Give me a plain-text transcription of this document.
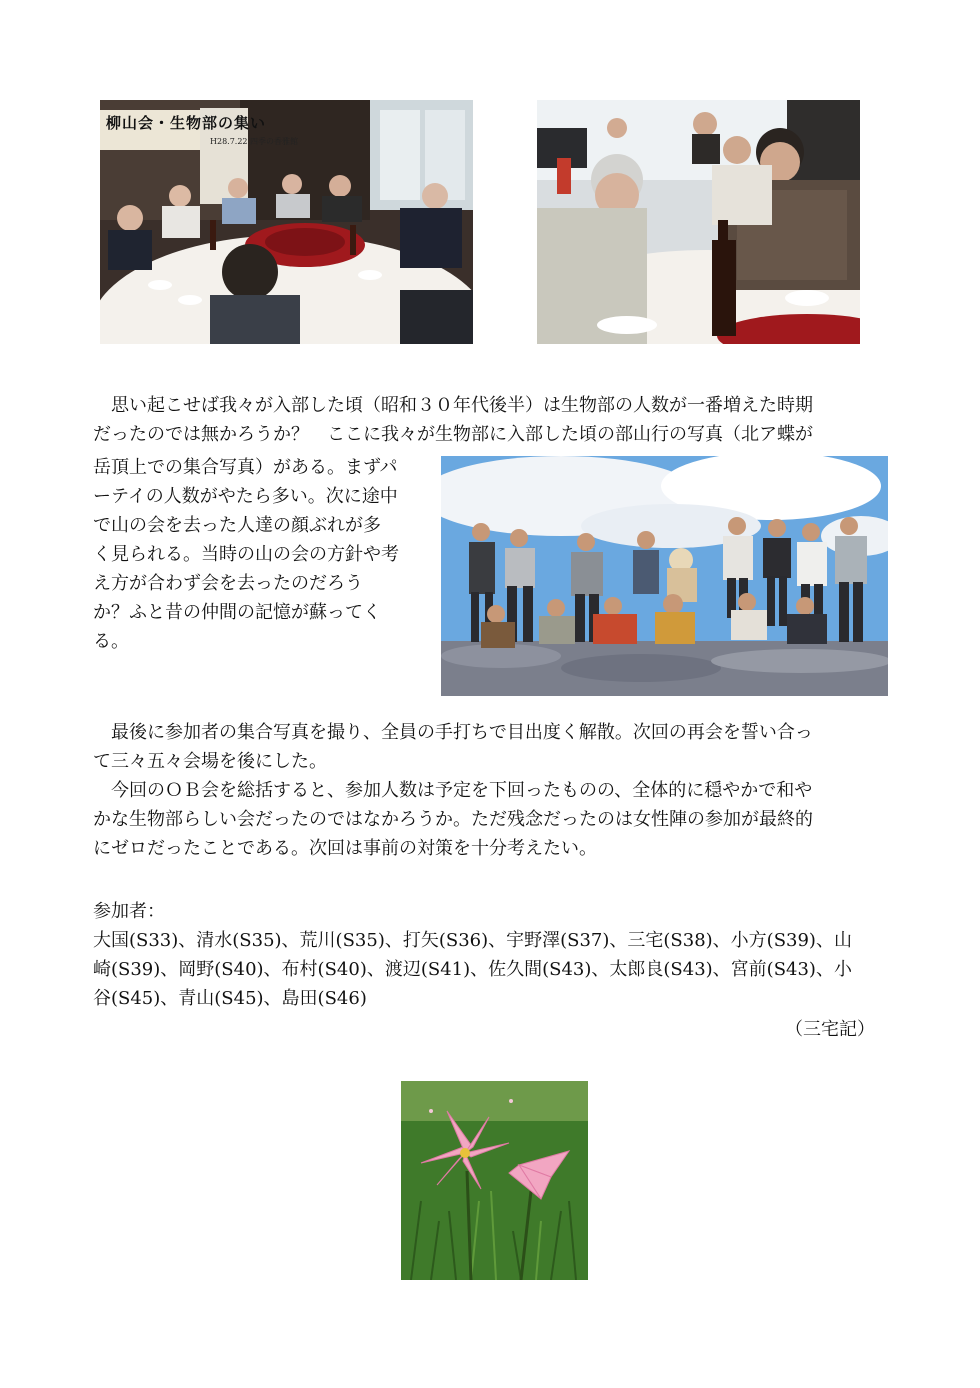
柳山会・生物部の集い
H28.7.22 四季の香雅館

　思い起こせば我々が入部した頃（昭和３０年代後半）は生物部の人数が一番増えた時期
だったのでは無かろうか？　ここに我々が生物部に入部した頃の部山行の写真（北ア蝶が

岳頂上での集合写真）がある。まずパ
ーテイの人数がやたら多い。次に途中
で山の会を去った人達の顔ぶれが多
く見られる。当時の山の会の方針や考
え方が合わず会を去ったのだろう
か？ふと昔の仲間の記憶が蘇ってく
る。

　最後に参加者の集合写真を撮り、全員の手打ちで目出度く解散。次回の再会を誓い合っ
て三々五々会場を後にした。
　今回のＯＢ会を総括すると、参加人数は予定を下回ったものの、全体的に穏やかで和や
かな生物部らしい会だったのではなかろうか。ただ残念だったのは女性陣の参加が最終的
にゼロだったことである。次回は事前の対策を十分考えたい。

参加者：
大国(S33)、清水(S35)、荒川(S35)、打矢(S36)、宇野澤(S37)、三宅(S38)、小方(S39)、山
崎(S39)、岡野(S40)、布村(S40)、渡辺(S41)、佐久間(S43)、太郎良(S43)、宮前(S43)、小
谷(S45)、青山(S45)、島田(S46)

（三宅記）
